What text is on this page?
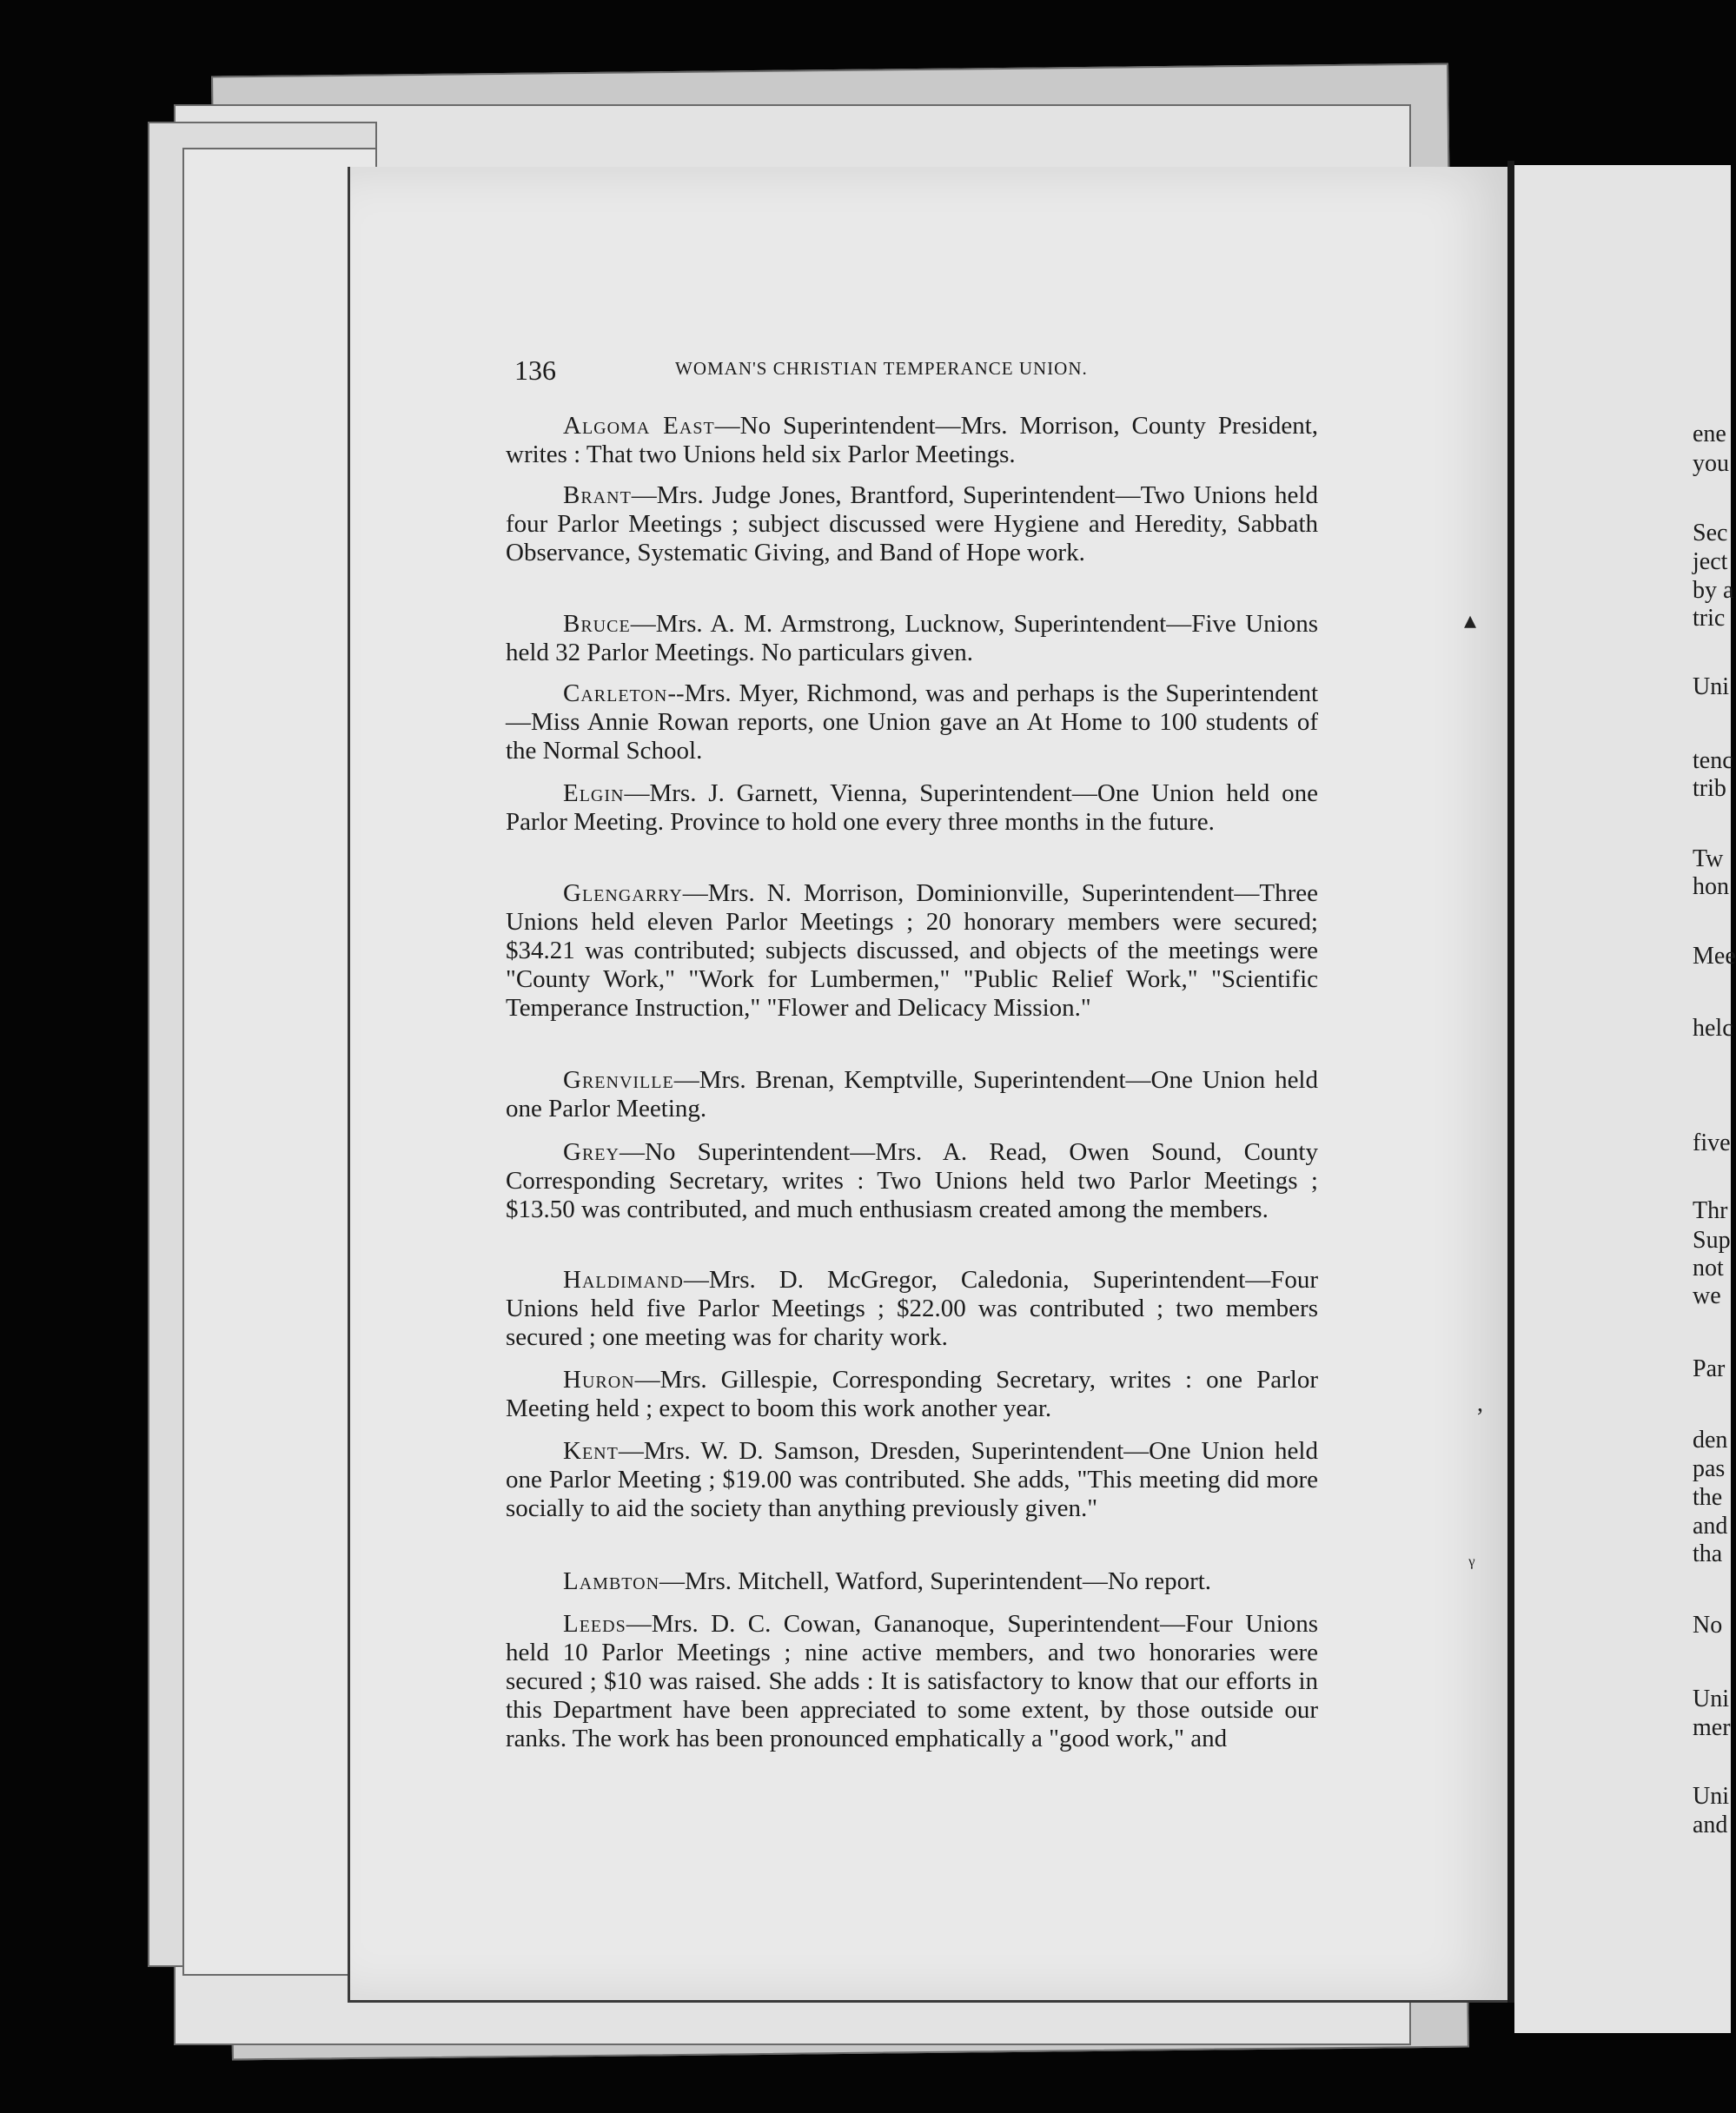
136	WOMAN'S CHRISTIAN TEMPERANCE UNION.

Algoma East—No Superintendent—Mrs. Morrison, County President, writes : That two Unions held six Parlor Meetings.

Brant—Mrs. Judge Jones, Brantford, Superintendent—Two Unions held four Parlor Meetings ; subject discussed were Hygiene and Heredity, Sabbath Observance, Systematic Giving, and Band of Hope work.

Bruce—Mrs. A. M. Armstrong, Lucknow, Superintendent—Five Unions held 32 Parlor Meetings. No particulars given.

Carleton--Mrs. Myer, Richmond, was and perhaps is the Superintendent—Miss Annie Rowan reports, one Union gave an At Home to 100 students of the Normal School.

Elgin—Mrs. J. Garnett, Vienna, Superintendent—One Union held one Parlor Meeting. Province to hold one every three months in the future.

Glengarry—Mrs. N. Morrison, Dominionville, Superintendent—Three Unions held eleven Parlor Meetings ; 20 honorary members were secured; $34.21 was contributed; subjects discussed, and objects of the meetings were "County Work," "Work for Lumbermen," "Public Relief Work," "Scientific Temperance Instruction," "Flower and Delicacy Mission."

Grenville—Mrs. Brenan, Kemptville, Superintendent—One Union held one Parlor Meeting.

Grey—No Superintendent—Mrs. A. Read, Owen Sound, County Corresponding Secretary, writes : Two Unions held two Parlor Meetings ; $13.50 was contributed, and much enthusiasm created among the members.

Haldimand—Mrs. D. McGregor, Caledonia, Superintendent—Four Unions held five Parlor Meetings ; $22.00 was contributed ; two members secured ; one meeting was for charity work.

Huron—Mrs. Gillespie, Corresponding Secretary, writes : one Parlor Meeting held ; expect to boom this work another year.

Kent—Mrs. W. D. Samson, Dresden, Superintendent—One Union held one Parlor Meeting ; $19.00 was contributed. She adds, "This meeting did more socially to aid the society than anything previously given."

Lambton—Mrs. Mitchell, Watford, Superintendent—No report.

Leeds—Mrs. D. C. Cowan, Gananoque, Superintendent—Four Unions held 10 Parlor Meetings ; nine active members, and two honoraries were secured ; $10 was raised. She adds : It is satisfactory to know that our efforts in this Department have been appreciated to some extent, by those outside our ranks. The work has been pronounced emphatically a "good work," and

▴
,
ᵞ
ene
you
Sec
ject
by a
tric
Uni
tenc
trib
Tw
hon
Mee
helc
five
Thr
Sup
not
we
Par
den
pas
the
and
tha
No
Uni
mer
Uni
and
